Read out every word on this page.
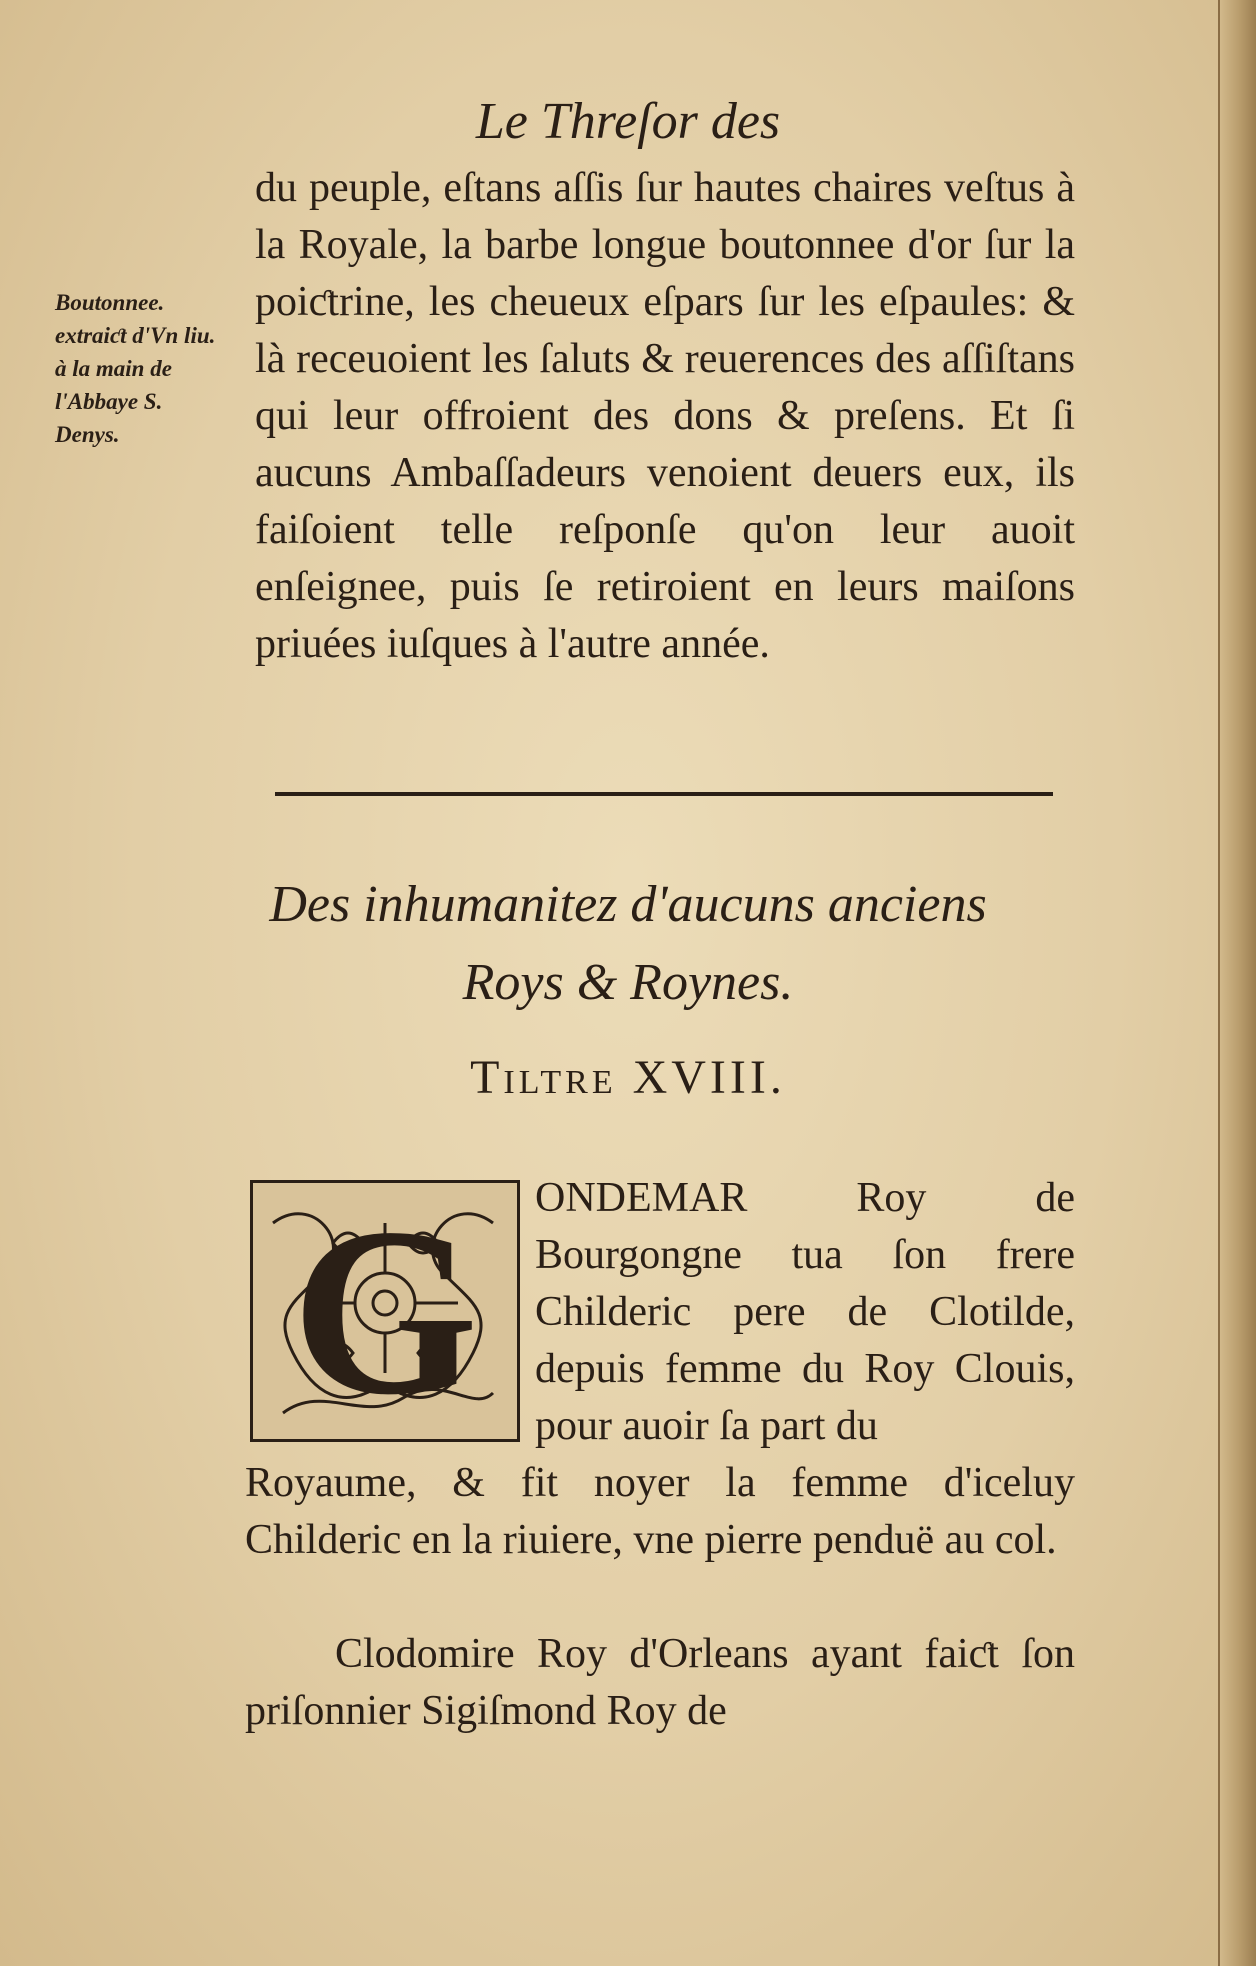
Le Threſor des

du peuple, eſtans aſſis ſur hautes chaires veſtus à la Royale, la barbe longue boutonnee d'or ſur la poiƈtrine, les cheueux eſpars ſur les eſpaules: & là receuoient les ſaluts & reuerences des aſſiſtans qui leur offroient des dons & preſens. Et ſi aucuns Ambaſſadeurs venoient deuers eux, ils faiſoient telle reſponſe qu'on leur auoit enſeignee, puis ſe retiroient en leurs maiſons priuées iuſques à l'autre année.

Boutonnee. extraiƈt d'Vn liu. à la main de l'Abbaye S. Denys.
Des inhumanitez d'aucuns anciens
Roys & Roynes.
Tiltre XVIII.
G	ONDEMAR Roy de Bourgongne tua ſon frere Childeric pere de Clotilde, depuis femme du Roy Clouis, pour auoir ſa part du

Royaume, & fit noyer la femme d'iceluy Childeric en la riuiere, vne pierre penduë au col.

Clodomire Roy d'Orleans ayant faiƈt ſon priſonnier Sigiſmond Roy de
